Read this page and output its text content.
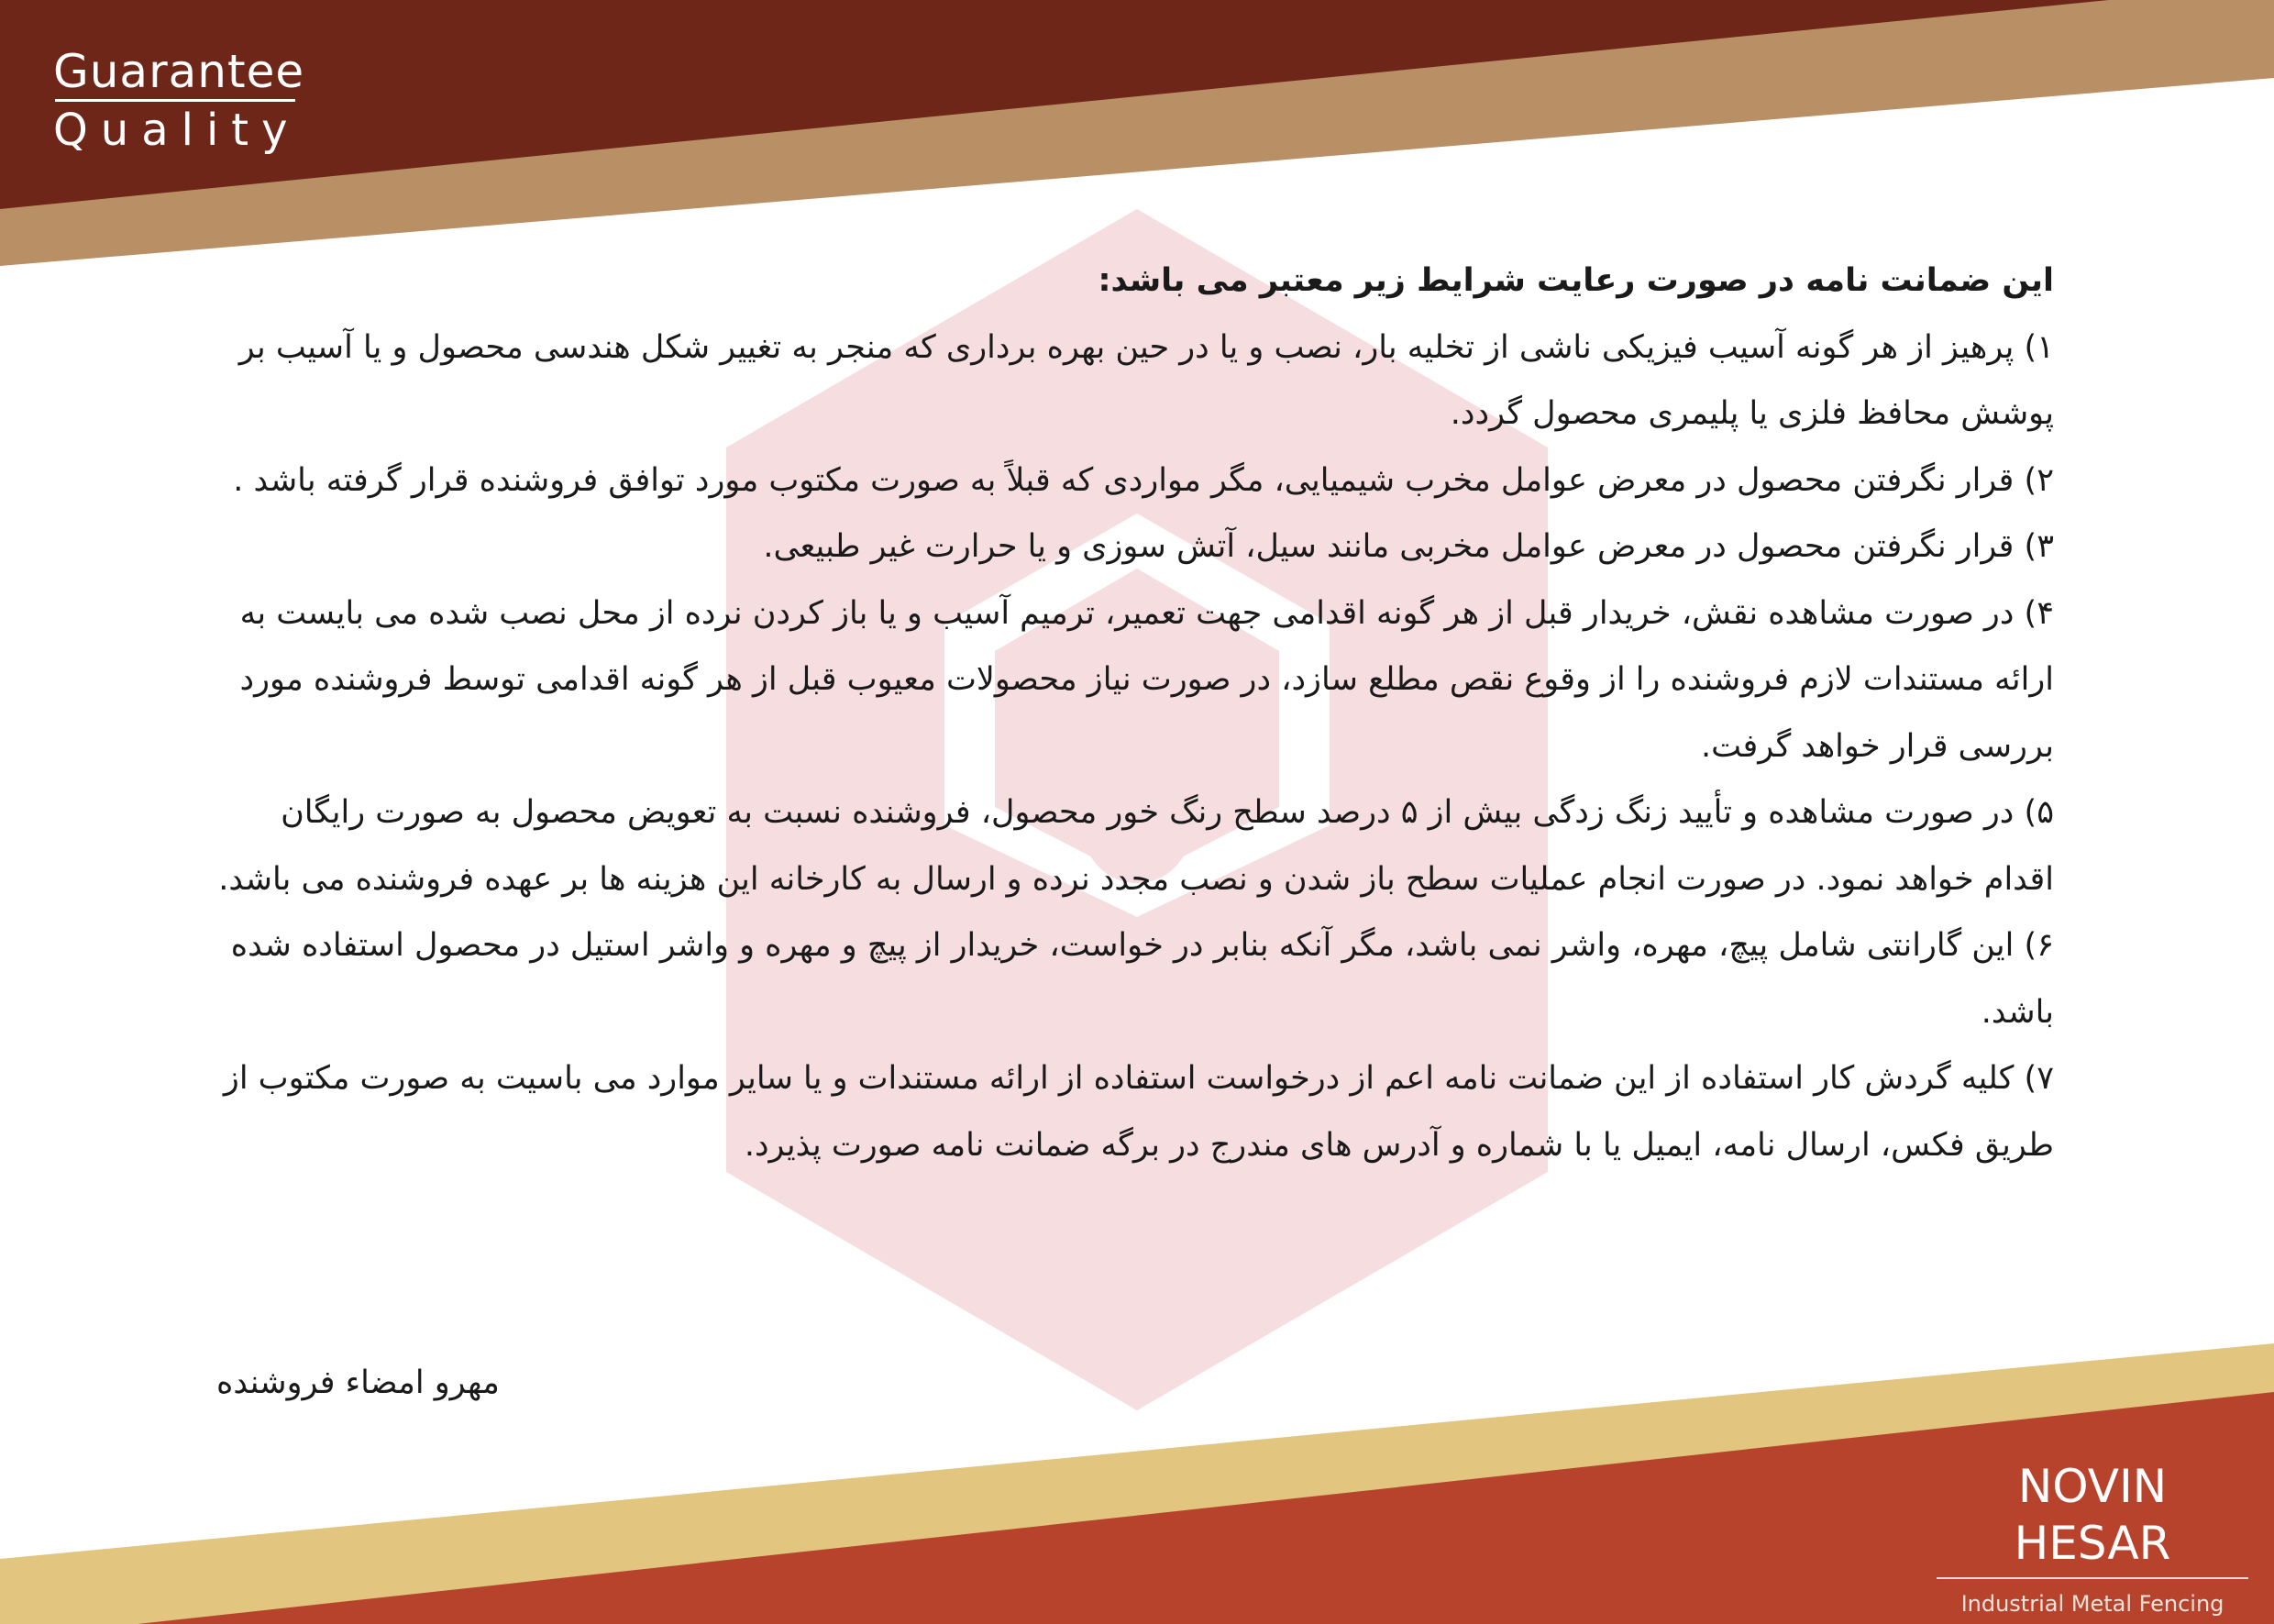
Guarantee
Quality

این ضمانت نامه در صورت رعایت شرایط زیر معتبر می باشد:

۱) پرهیز از هر گونه آسیب فیزیکی ناشی از تخلیه بار، نصب و یا در حین بهره برداری که منجر به تغییر شکل هندسی محصول و یا آسیب بر پوشش محافظ فلزی یا پلیمری محصول گردد.

۲) قرار نگرفتن محصول در معرض عوامل مخرب شیمیایی، مگر مواردی که قبلاً به صورت مکتوب مورد توافق فروشنده قرار گرفته باشد .

۳) قرار نگرفتن محصول در معرض عوامل مخربی مانند سیل، آتش سوزی و یا حرارت غیر طبیعی.

۴) در صورت مشاهده نقش، خریدار قبل از هر گونه اقدامی جهت تعمیر، ترمیم آسیب و یا باز کردن نرده از محل نصب شده می بایست به ارائه مستندات لازم فروشنده را از وقوع نقص مطلع سازد، در صورت نیاز محصولات معیوب قبل از هر گونه اقدامی توسط فروشنده مورد بررسی قرار خواهد گرفت.

۵) در صورت مشاهده و تأیید زنگ زدگی بیش از ۵ درصد سطح رنگ خور محصول، فروشنده نسبت به تعویض محصول به صورت رایگان اقدام خواهد نمود. در صورت انجام عملیات سطح باز شدن و نصب مجدد نرده و ارسال به کارخانه این هزینه ها بر عهده فروشنده می باشد.

۶) این گارانتی شامل پیچ، مهره، واشر نمی باشد، مگر آنکه بنابر در خواست، خریدار از پیچ و مهره و واشر استیل در محصول استفاده شده باشد.

۷) کلیه گردش کار استفاده از این ضمانت نامه اعم از درخواست استفاده از ارائه مستندات و یا سایر موارد می باسیت به صورت مکتوب از طریق فکس، ارسال نامه، ایمیل یا با شماره و آدرس های مندرج در برگه ضمانت نامه صورت پذیرد.

مهرو امضاء فروشنده
NOVIN HESAR
Industrial Metal Fencing
